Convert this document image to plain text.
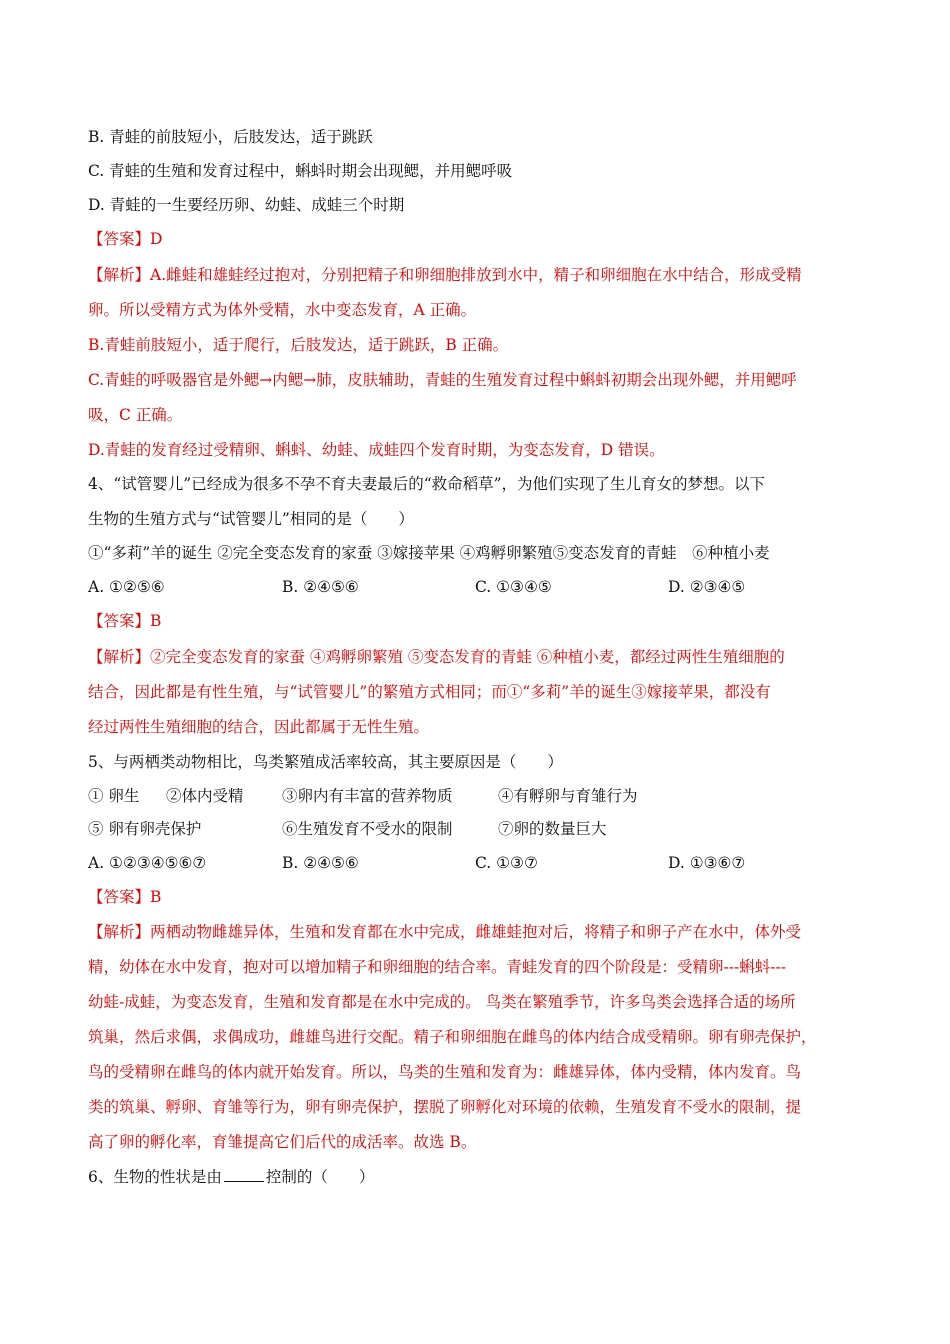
B. 青蛙的前肢短小，后肢发达，适于跳跃
C. 青蛙的生殖和发育过程中，蝌蚪时期会出现鳃，并用鳃呼吸
D. 青蛙的一生要经历卵、幼蛙、成蛙三个时期
【答案】D
【解析】A.雌蛙和雄蛙经过抱对，分别把精子和卵细胞排放到水中，精子和卵细胞在水中结合，形成受精
卵。所以受精方式为体外受精，水中变态发育，A 正确。
B.青蛙前肢短小，适于爬行，后肢发达，适于跳跃，B 正确。
C.青蛙的呼吸器官是外鳃→内鳃→肺，皮肤辅助，青蛙的生殖发育过程中蝌蚪初期会出现外鳃，并用鳃呼
吸，C 正确。
D.青蛙的发育经过受精卵、蝌蚪、幼蛙、成蛙四个发育时期，为变态发育，D 错误。
4、“试管婴儿”已经成为很多不孕不育夫妻最后的“救命稻草”，为他们实现了生儿育女的梦想。以下
生物的生殖方式与“试管婴儿”相同的是（　　）
①“多莉”羊的诞生 ②完全变态发育的家蚕 ③嫁接苹果 ④鸡孵卵繁殖⑤变态发育的青蛙　⑥种植小麦
A. ①②⑤⑥	B. ②④⑤⑥	C. ①③④⑤	D. ②③④⑤
【答案】B
【解析】②完全变态发育的家蚕 ④鸡孵卵繁殖 ⑤变态发育的青蛙 ⑥种植小麦，都经过两性生殖细胞的
结合，因此都是有性生殖，与“试管婴儿”的繁殖方式相同；而①“多莉”羊的诞生③嫁接苹果，都没有
经过两性生殖细胞的结合，因此都属于无性生殖。
5、与两栖类动物相比，鸟类繁殖成活率较高，其主要原因是（　　）
① 卵生 ②体内受精 ③卵内有丰富的营养物质	④有孵卵与育雏行为
⑤ 卵有卵壳保护	⑥生殖发育不受水的限制	⑦卵的数量巨大
A. ①②③④⑤⑥⑦	B. ②④⑤⑥	C. ①③⑦	D. ①③⑥⑦
【答案】B
【解析】两栖动物雌雄异体，生殖和发育都在水中完成，雌雄蛙抱对后，将精子和卵子产在水中，体外受
精，幼体在水中发育，抱对可以增加精子和卵细胞的结合率。青蛙发育的四个阶段是：受精卵---蝌蚪---
幼蛙-成蛙，为变态发育，生殖和发育都是在水中完成的。 鸟类在繁殖季节，许多鸟类会选择合适的场所
筑巢，然后求偶，求偶成功，雌雄鸟进行交配。精子和卵细胞在雌鸟的体内结合成受精卵。卵有卵壳保护，
鸟的受精卵在雌鸟的体内就开始发育。所以，鸟类的生殖和发育为：雌雄异体，体内受精，体内发育。鸟
类的筑巢、孵卵、育雏等行为，卵有卵壳保护，摆脱了卵孵化对环境的依赖，生殖发育不受水的限制，提
高了卵的孵化率，育雏提高它们后代的成活率。故选 B。
6、生物的性状是由	控制的（　　）
